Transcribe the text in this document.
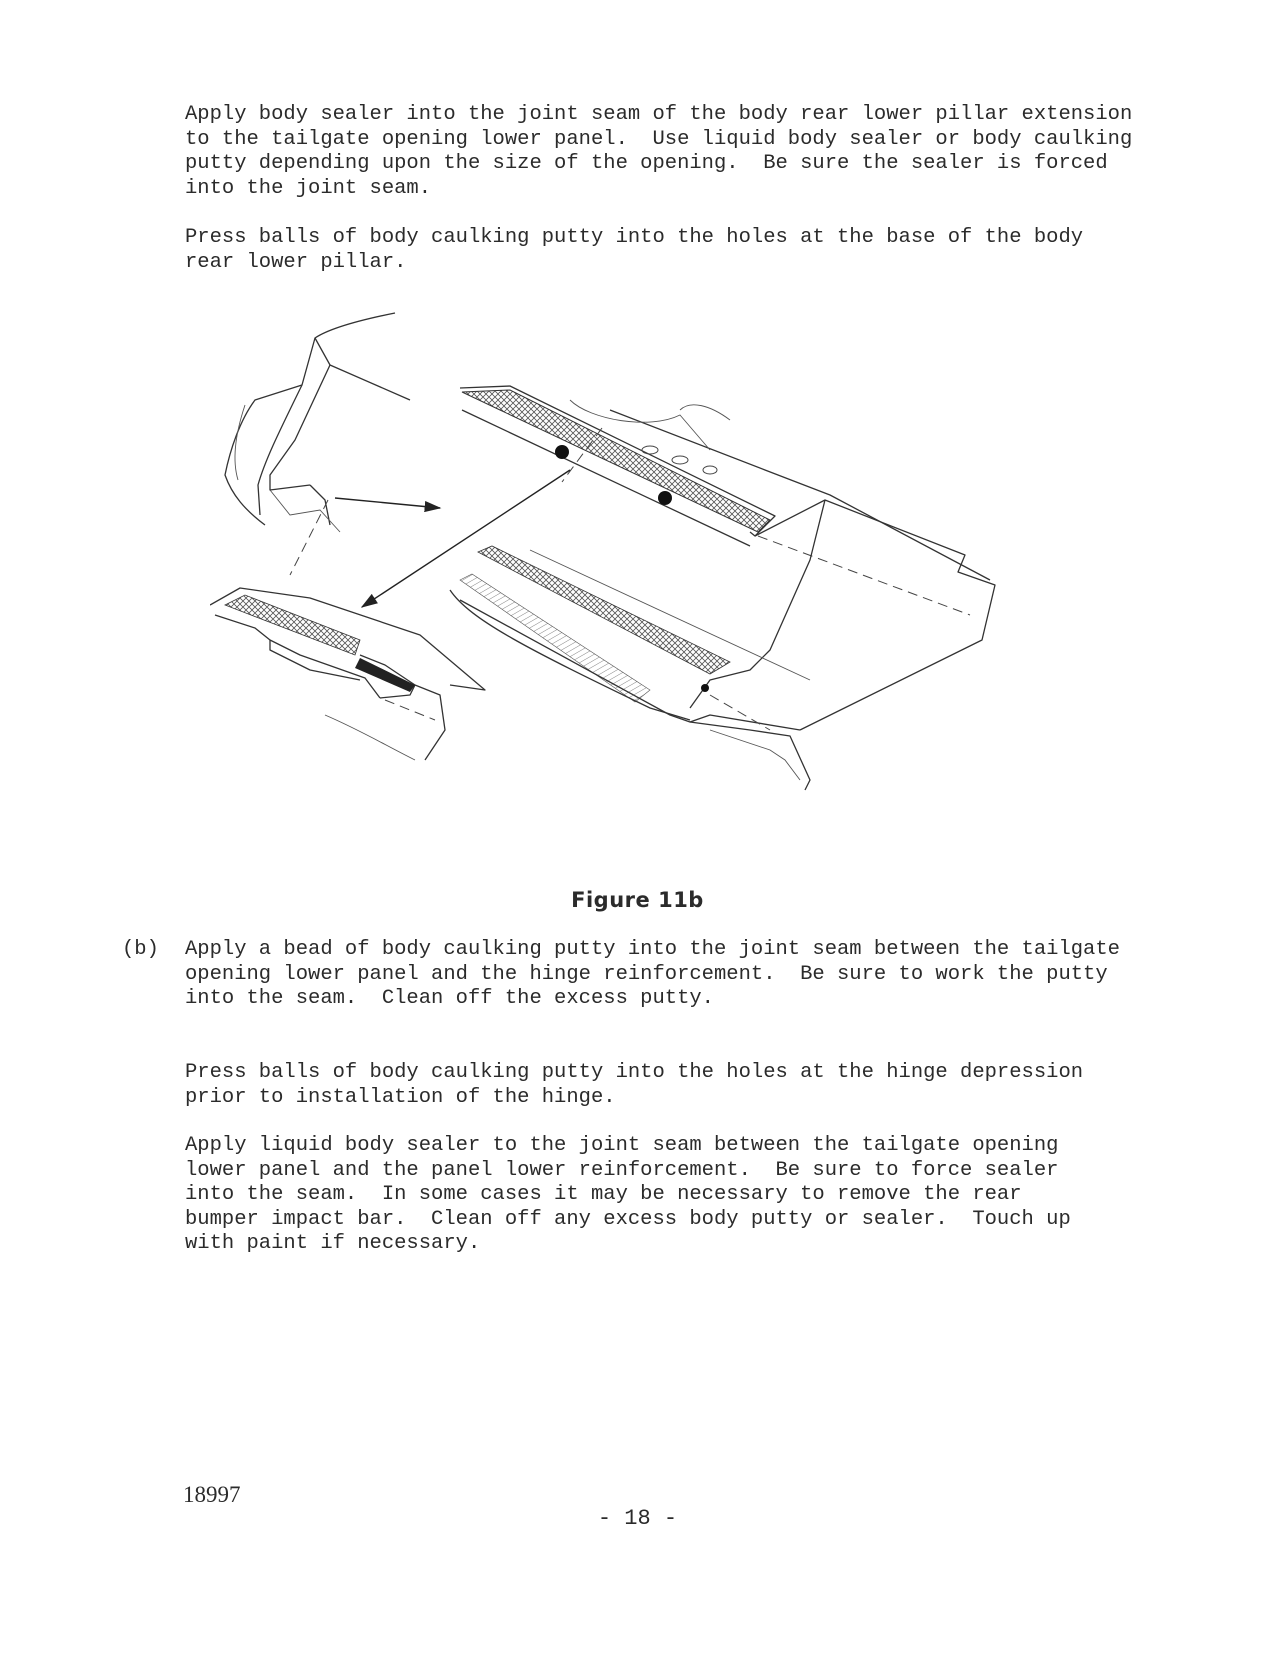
Apply body sealer into the joint seam of the body rear lower pillar extension
to the tailgate opening lower panel.  Use liquid body sealer or body caulking
putty depending upon the size of the opening.  Be sure the sealer is forced
into the joint seam.

Press balls of body caulking putty into the holes at the base of the body
rear lower pillar.

Figure 11b

(b) Apply a bead of body caulking putty into the joint seam between the tailgate
opening lower panel and the hinge reinforcement.  Be sure to work the putty
into the seam.  Clean off the excess putty.

Press balls of body caulking putty into the holes at the hinge depression
prior to installation of the hinge.

Apply liquid body sealer to the joint seam between the tailgate opening
lower panel and the panel lower reinforcement.  Be sure to force sealer
into the seam.  In some cases it may be necessary to remove the rear
bumper impact bar.  Clean off any excess body putty or sealer.  Touch up
with paint if necessary.

18997
- 18 -
